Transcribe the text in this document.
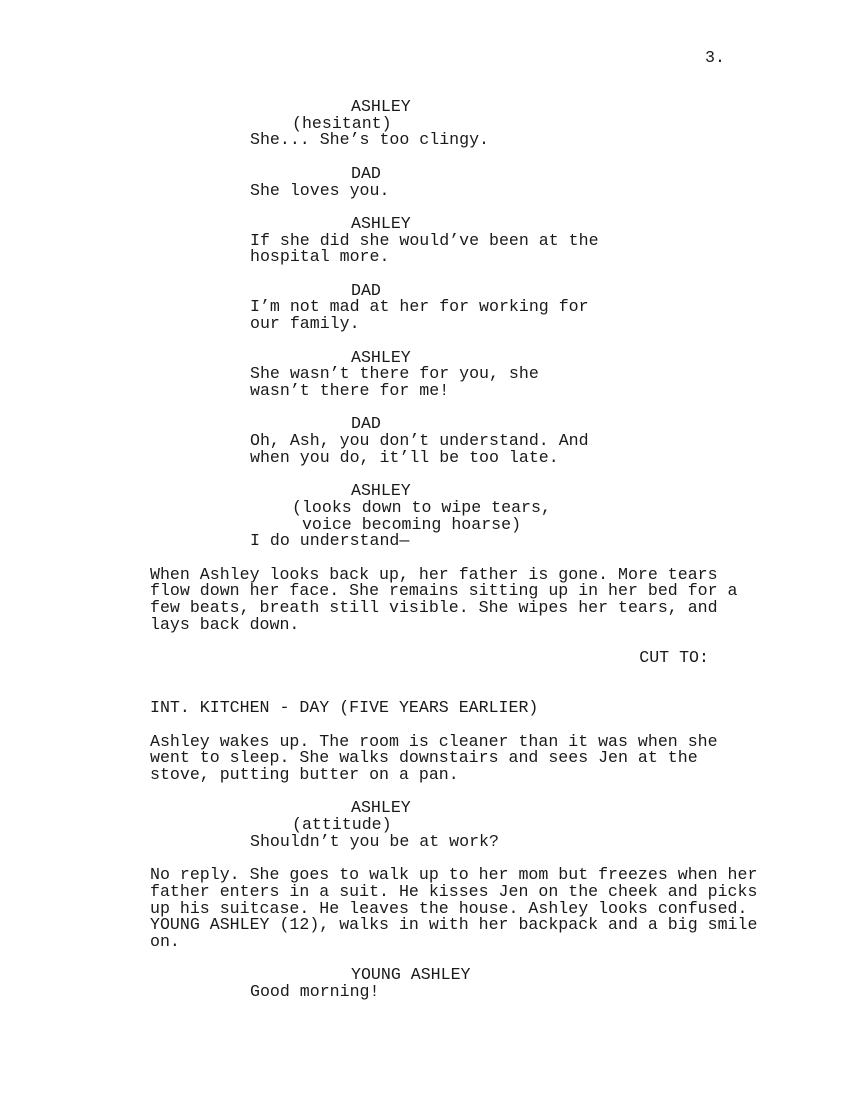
3.
ASHLEY
(hesitant)
She... She’s too clingy.
DAD
She loves you.
ASHLEY
If she did she would’ve been at the
hospital more.
DAD
I’m not mad at her for working for
our family.
ASHLEY
She wasn’t there for you, she
wasn’t there for me!
DAD
Oh, Ash, you don’t understand. And
when you do, it’ll be too late.
ASHLEY
(looks down to wipe tears,
voice becoming hoarse)
I do understand—
When Ashley looks back up, her father is gone. More tears
flow down her face. She remains sitting up in her bed for a
few beats, breath still visible. She wipes her tears, and
lays back down.
CUT TO:
INT. KITCHEN - DAY (FIVE YEARS EARLIER)
Ashley wakes up. The room is cleaner than it was when she
went to sleep. She walks downstairs and sees Jen at the
stove, putting butter on a pan.
ASHLEY
(attitude)
Shouldn’t you be at work?
No reply. She goes to walk up to her mom but freezes when her
father enters in a suit. He kisses Jen on the cheek and picks
up his suitcase. He leaves the house. Ashley looks confused.
YOUNG ASHLEY (12), walks in with her backpack and a big smile
on.
YOUNG ASHLEY
Good morning!
